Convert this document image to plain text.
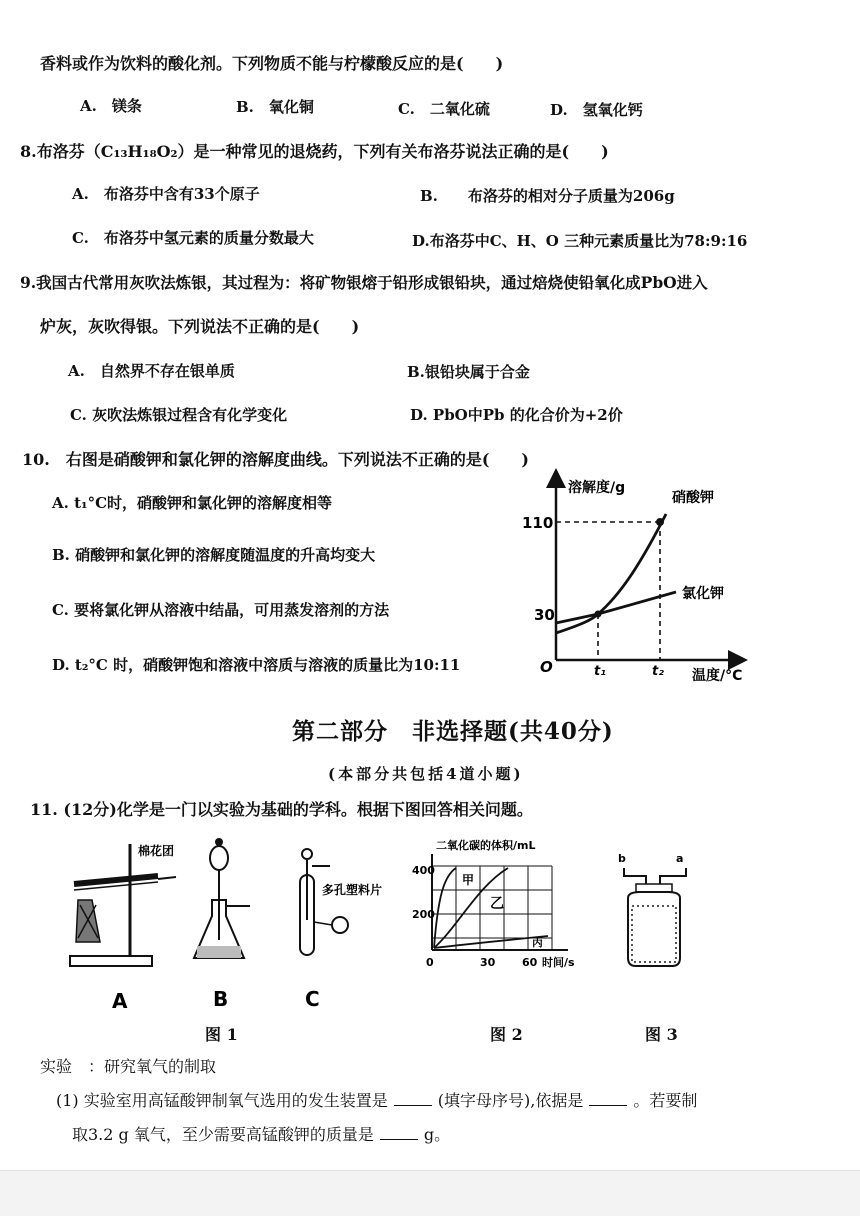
香料或作为饮料的酸化剂。下列物质不能与柠檬酸反应的是(　　)
A.　镁条	B.　氧化铜	C.　二氧化硫	D.　氢氧化钙
8.布洛芬（C₁₃H₁₈O₂）是一种常见的退烧药，下列有关布洛芬说法正确的是(　　)
A.　布洛芬中含有33个原子	B.　　布洛芬的相对分子质量为206g
C.　布洛芬中氢元素的质量分数最大	D.布洛芬中C、H、O 三种元素质量比为78:9:16
9.我国古代常用灰吹法炼银，其过程为：将矿物银熔于铅形成银铅块，通过焙烧使铅氧化成PbO进入
炉灰，灰吹得银。下列说法不正确的是(　　)
A.　自然界不存在银单质	B.银铅块属于合金
C. 灰吹法炼银过程含有化学变化	D. PbO中Pb 的化合价为+2价
10.　右图是硝酸钾和氯化钾的溶解度曲线。下列说法不正确的是(　　)
A. t₁°C时，硝酸钾和氯化钾的溶解度相等
B. 硝酸钾和氯化钾的溶解度随温度的升高均变大
C. 要将氯化钾从溶液中结晶，可用蒸发溶剂的方法
D. t₂°C 时，硝酸钾饱和溶液中溶质与溶液的质量比为10:11
溶解度/g
温度/°C
O
110
30
t₁	t₂
硝酸钾
氯化钾
第二部分　非选择题(共40分)
(本部分共包括4道小题)
11. (12分)化学是一门以实验为基础的学科。根据下图回答相关问题。
棉花团
多孔塑料片
A	B	C
二氧化碳的体积/mL
400
200
0	30 60 时间/s
甲
乙
丙
b	a
图 1	图 2	图 3
实验　：研究氧气的制取
(1) 实验室用高锰酸钾制氧气选用的发生装置是	(填字母序号),依据是	。若要制
取3.2 g 氧气，至少需要高锰酸钾的质量是	g。
